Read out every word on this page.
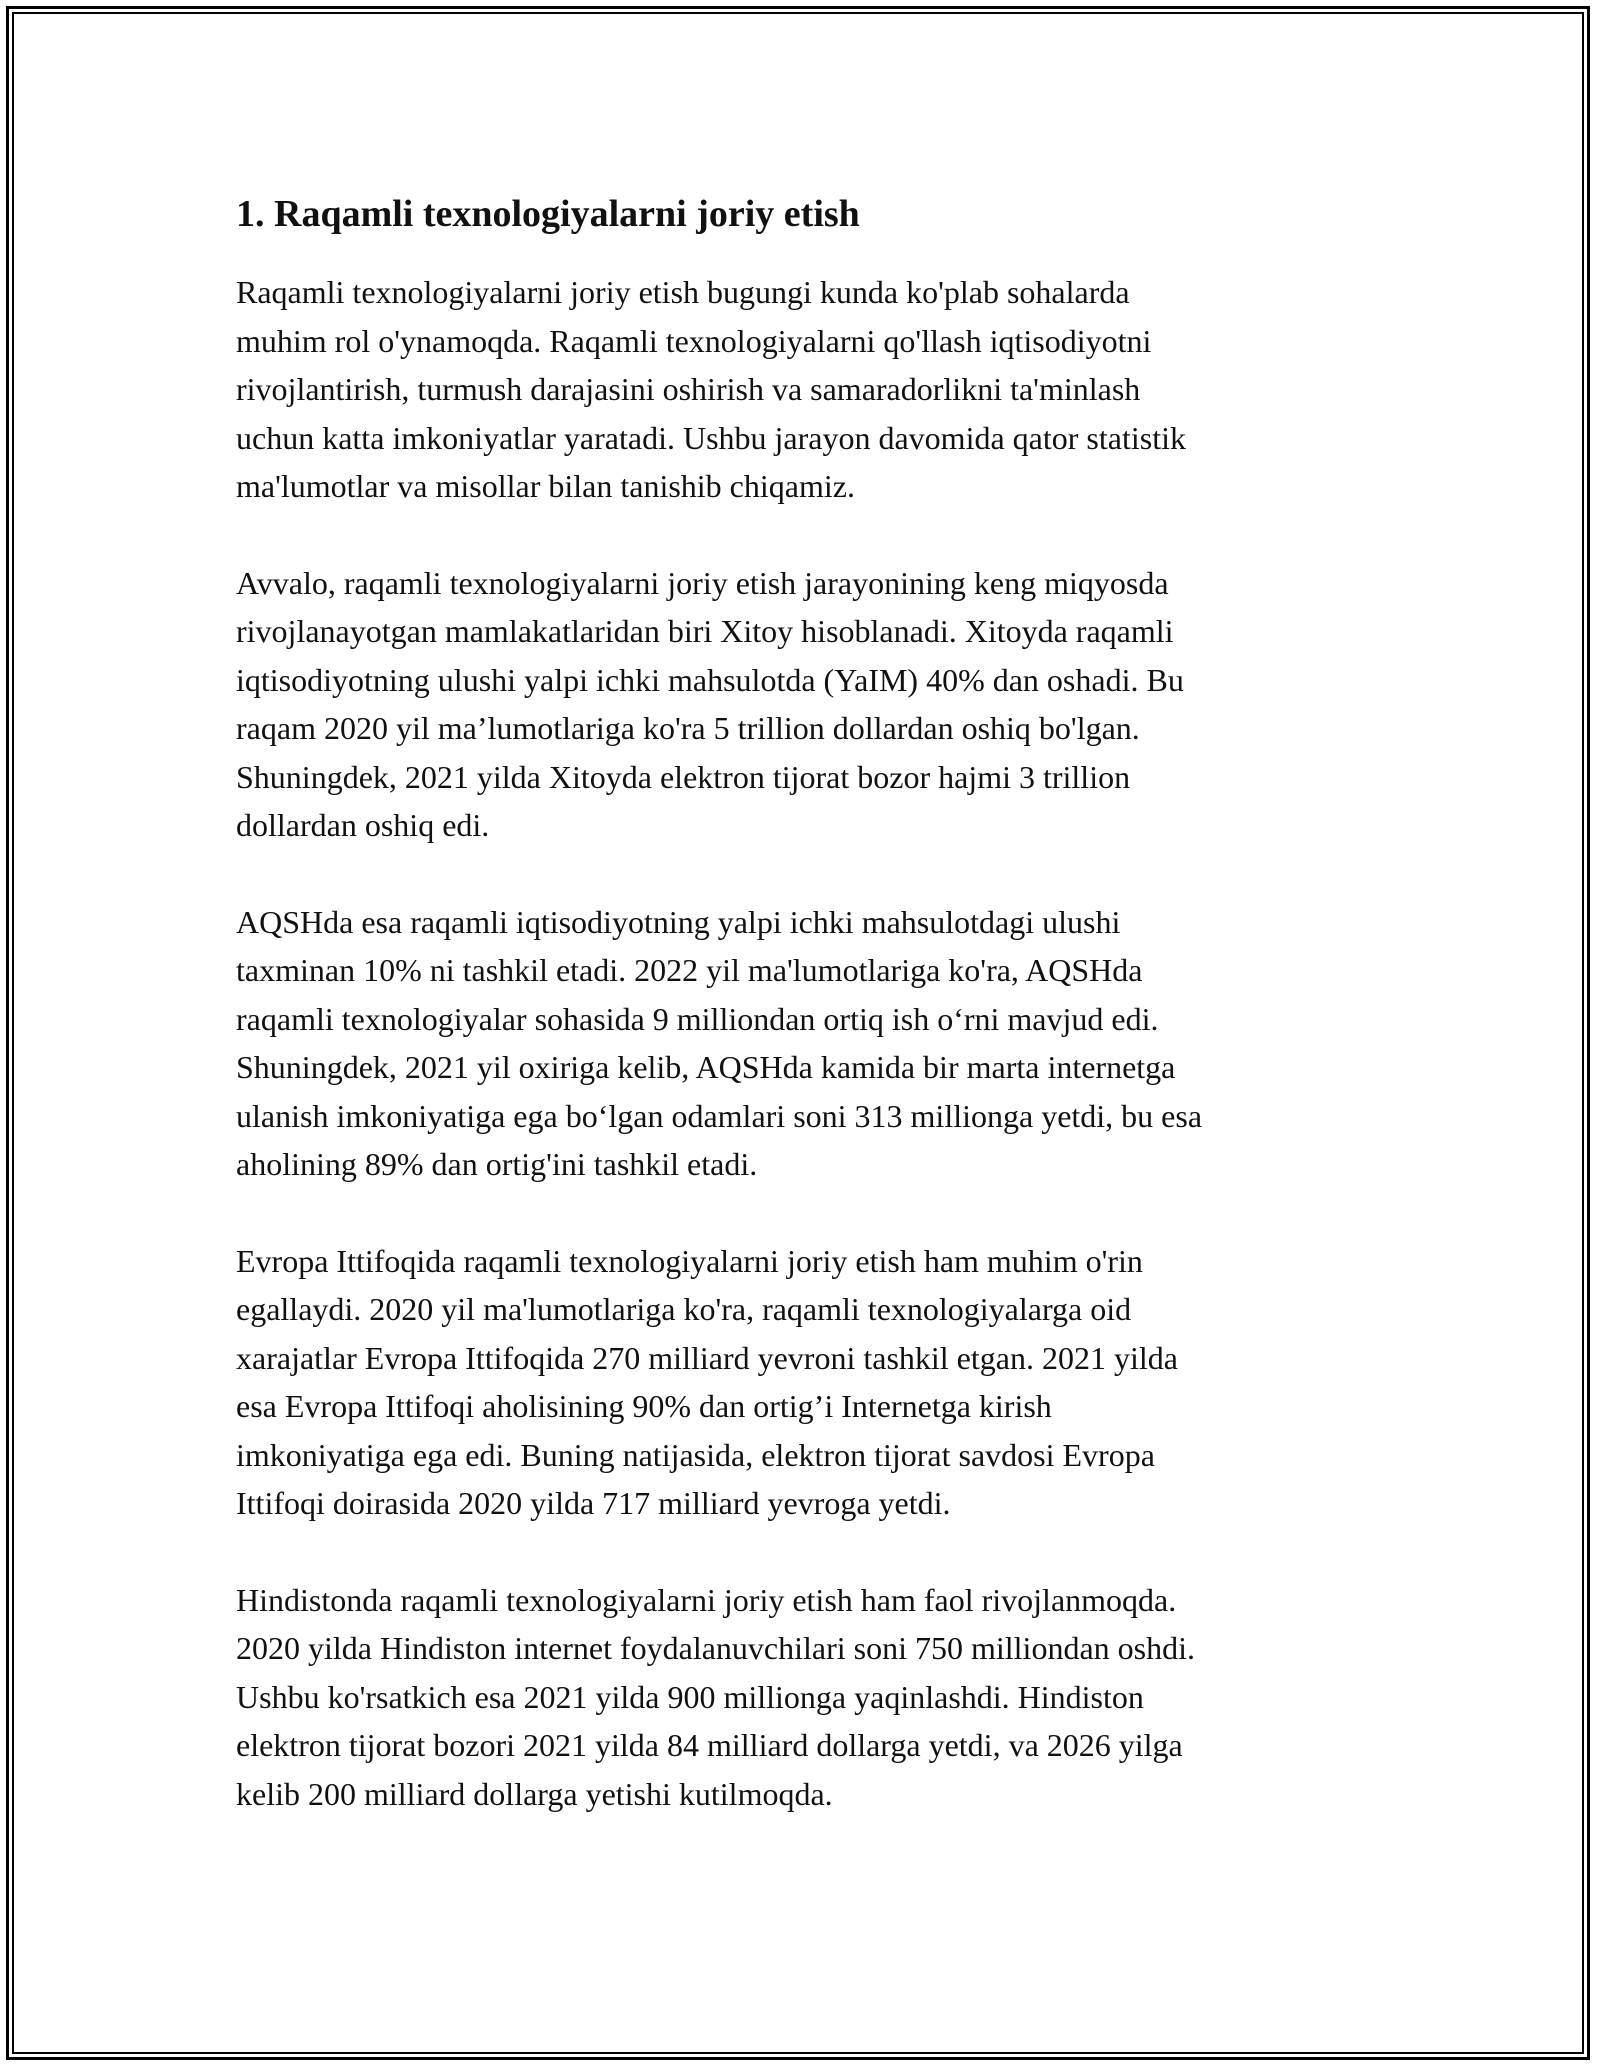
1. Raqamli texnologiyalarni joriy etish

Raqamli texnologiyalarni joriy etish bugungi kunda ko'plab sohalarda
muhim rol o'ynamoqda. Raqamli texnologiyalarni qo'llash iqtisodiyotni
rivojlantirish, turmush darajasini oshirish va samaradorlikni ta'minlash
uchun katta imkoniyatlar yaratadi. Ushbu jarayon davomida qator statistik
ma'lumotlar va misollar bilan tanishib chiqamiz.

Avvalo, raqamli texnologiyalarni joriy etish jarayonining keng miqyosda
rivojlanayotgan mamlakatlaridan biri Xitoy hisoblanadi. Xitoyda raqamli
iqtisodiyotning ulushi yalpi ichki mahsulotda (YaIM) 40% dan oshadi. Bu
raqam 2020 yil ma’lumotlariga ko'ra 5 trillion dollardan oshiq bo'lgan.
Shuningdek, 2021 yilda Xitoyda elektron tijorat bozor hajmi 3 trillion
dollardan oshiq edi.

AQSHda esa raqamli iqtisodiyotning yalpi ichki mahsulotdagi ulushi
taxminan 10% ni tashkil etadi. 2022 yil ma'lumotlariga ko'ra, AQSHda
raqamli texnologiyalar sohasida 9 milliondan ortiq ish o‘rni mavjud edi.
Shuningdek, 2021 yil oxiriga kelib, AQSHda kamida bir marta internetga
ulanish imkoniyatiga ega bo‘lgan odamlari soni 313 millionga yetdi, bu esa
aholining 89% dan ortig'ini tashkil etadi.

Evropa Ittifoqida raqamli texnologiyalarni joriy etish ham muhim o'rin
egallaydi. 2020 yil ma'lumotlariga ko'ra, raqamli texnologiyalarga oid
xarajatlar Evropa Ittifoqida 270 milliard yevroni tashkil etgan. 2021 yilda
esa Evropa Ittifoqi aholisining 90% dan ortig’i Internetga kirish
imkoniyatiga ega edi. Buning natijasida, elektron tijorat savdosi Evropa
Ittifoqi doirasida 2020 yilda 717 milliard yevroga yetdi.

Hindistonda raqamli texnologiyalarni joriy etish ham faol rivojlanmoqda.
2020 yilda Hindiston internet foydalanuvchilari soni 750 milliondan oshdi.
Ushbu ko'rsatkich esa 2021 yilda 900 millionga yaqinlashdi. Hindiston
elektron tijorat bozori 2021 yilda 84 milliard dollarga yetdi, va 2026 yilga
kelib 200 milliard dollarga yetishi kutilmoqda.
